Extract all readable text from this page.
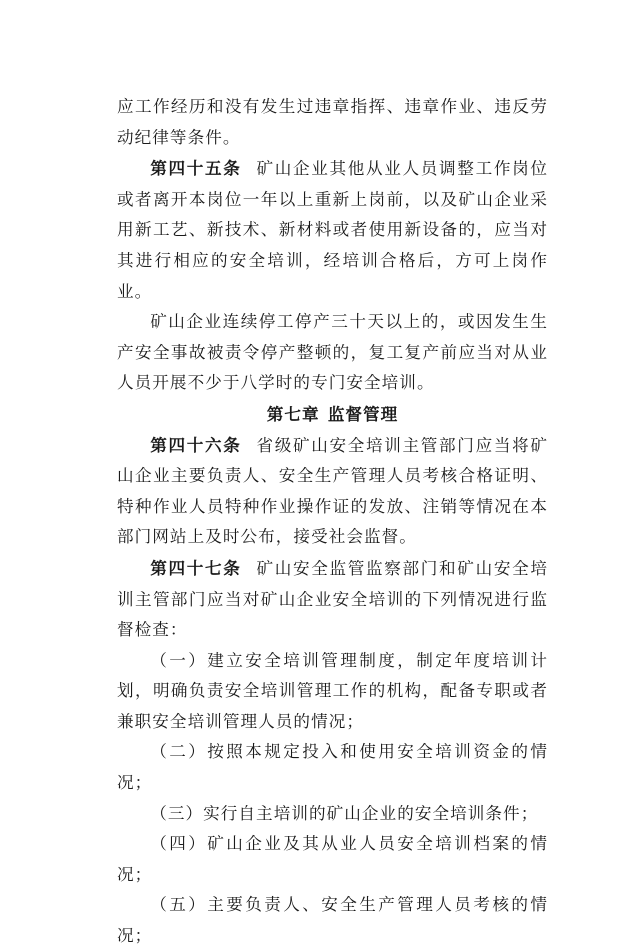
应工作经历和没有发生过违章指挥、违章作业、违反劳动纪律等条件。

第四十五条 矿山企业其他从业人员调整工作岗位或者离开本岗位一年以上重新上岗前，以及矿山企业采用新工艺、新技术、新材料或者使用新设备的，应当对其进行相应的安全培训，经培训合格后，方可上岗作业。

矿山企业连续停工停产三十天以上的，或因发生生产安全事故被责令停产整顿的，复工复产前应当对从业人员开展不少于八学时的专门安全培训。

第七章 监督管理

第四十六条 省级矿山安全培训主管部门应当将矿山企业主要负责人、安全生产管理人员考核合格证明、特种作业人员特种作业操作证的发放、注销等情况在本部门网站上及时公布，接受社会监督。

第四十七条 矿山安全监管监察部门和矿山安全培训主管部门应当对矿山企业安全培训的下列情况进行监督检查：

（一）建立安全培训管理制度，制定年度培训计划，明确负责安全培训管理工作的机构，配备专职或者兼职安全培训管理人员的情况；

（二）按照本规定投入和使用安全培训资金的情况；

（三）实行自主培训的矿山企业的安全培训条件；

（四）矿山企业及其从业人员安全培训档案的情况；

（五）主要负责人、安全生产管理人员考核的情况；
